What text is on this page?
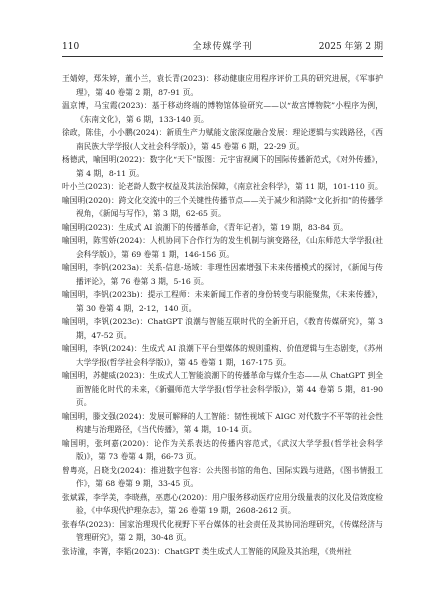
110	全球传媒学刊	2025 年第 2 期

王婧婷，郑朱婷，董小兰，袁长青(2023)：移动健康应用程序评价工具的研究进展，《军事护理》，第 40 卷第 2 期，87-91 页。

温京博，马宝霞(2023)：基于移动终端的博物馆体验研究——以“故宫博物院”小程序为例，《东南文化》，第 6 期，133-140 页。

徐政，陈佳，小小鹏(2024)：新质生产力赋能文旅深度融合发展：理论逻辑与实践路径，《西南民族大学学报(人文社会科学版)》，第 45 卷第 6 期，22-29 页。

杨德武，喻国明(2022)：数字化“天下”版图：元宇宙视阈下的国际传播新范式，《对外传播》，第 4 期，8-11 页。

叶小兰(2023)：论老龄人数字权益及其法治保障，《南京社会科学》，第 11 期，101-110 页。

喻国明(2020)：跨文化交流中的三个关键性传播节点——关于减少和消除“文化折扣”的传播学视角，《新闻与写作》，第 3 期，62-65 页。

喻国明(2023)：生成式 AI 浪潮下的传播革命，《青年记者》，第 19 期，83-84 页。

喻国明，陈雪娇(2024)：人机协同下合作行为的发生机制与演变路径，《山东师范大学学报(社会科学版)》，第 69 卷第 1 期，146-156 页。

喻国明，李钒(2023a)：关系-信息-场域：非理性因素增强下未来传播模式的探讨，《新闻与传播评论》，第 76 卷第 3 期，5-16 页。

喻国明，李钒(2023b)：提示工程师：未来新闻工作者的身份转变与职能聚焦，《未来传播》，第 30 卷第 4 期，2-12，140 页。

喻国明，李钒(2023c)：ChatGPT 浪潮与智能互联时代的全新开启，《教育传媒研究》，第 3 期，47-52 页。

喻国明，李钒(2024)：生成式 AI 浪潮下平台型媒体的规则重构、价值逻辑与生态剧变，《苏州大学学报(哲学社会科学版)》，第 45 卷第 1 期，167-175 页。

喻国明，苏健威(2023)：生成式人工智能浪潮下的传播革命与媒介生态——从 ChatGPT 到全面智能化时代的未来，《新疆师范大学学报(哲学社会科学版)》，第 44 卷第 5 期，81-90 页。

喻国明，滕文强(2024)：发展可解释的人工智能：韧性视域下 AIGC 对代数字不平等的社会性构建与治理路径，《当代传播》，第 4 期，10-14 页。

喻国明，张珂嘉(2020)：论作为关系表达的传播内容范式，《武汉大学学报(哲学社会科学版)》，第 73 卷第 4 期，66-73 页。

曾粤亮，吕晓戈(2024)：推进数字包容：公共图书馆的角色、国际实践与进路，《图书情报工作》，第 68 卷第 9 期，33-45 页。

张斌霖，李学美，李晓燕，巫惠心(2020)：用户服务移动医疗应用分级量表的汉化及信效度检验，《中华现代护理杂志》，第 26 卷第 19 期，2608-2612 页。

张春华(2023)：国家治理现代化视野下平台媒体的社会责任及其协同治理研究，《传媒经济与管理研究》，第 2 期，30-48 页。

张诗潼，李箐，李韬(2023)：ChatGPT 类生成式人工智能的风险及其治理，《贵州社
